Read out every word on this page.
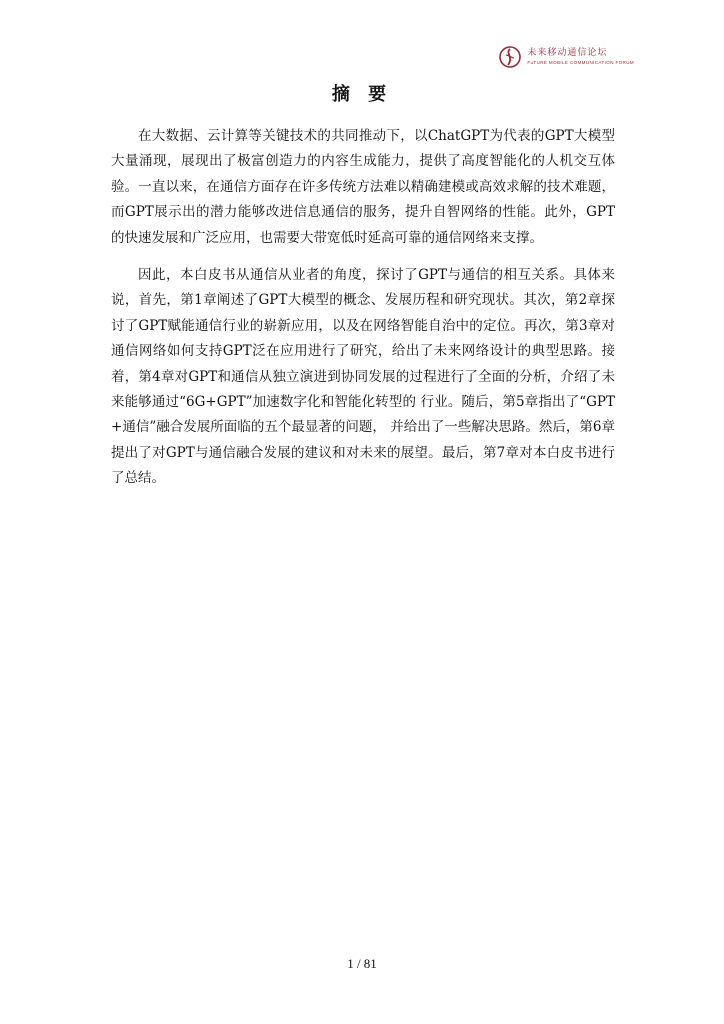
未来移动通信论坛
FuTURE MOBILE COMMUNICATION FORUM
摘 要

在大数据、云计算等关键技术的共同推动下，以ChatGPT为代表的GPT大模型大量涌现，展现出了极富创造力的内容生成能力，提供了高度智能化的人机交互体验。一直以来，在通信方面存在许多传统方法难以精确建模或高效求解的技术难题，而GPT展示出的潜力能够改进信息通信的服务，提升自智网络的性能。此外，GPT 的快速发展和广泛应用，也需要大带宽低时延高可靠的通信网络来支撑。

因此，本白皮书从通信从业者的角度，探讨了GPT与通信的相互关系。具体来说，首先，第1章阐述了GPT大模型的概念、发展历程和研究现状。其次，第2章探讨了GPT赋能通信行业的崭新应用，以及在网络智能自治中的定位。再次，第3章对通信网络如何支持GPT泛在应用进行了研究，给出了未来网络设计的典型思路。接着，第4章对GPT和通信从独立演进到协同发展的过程进行了全面的分析，介绍了未来能够通过“6G+GPT”加速数字化和智能化转型的 行业。随后，第5章指出了“GPT+通信”融合发展所面临的五个最显著的问题， 并给出了一些解决思路。然后，第6章提出了对GPT与通信融合发展的建议和对未来的展望。最后，第7章对本白皮书进行了总结。

1 / 81
